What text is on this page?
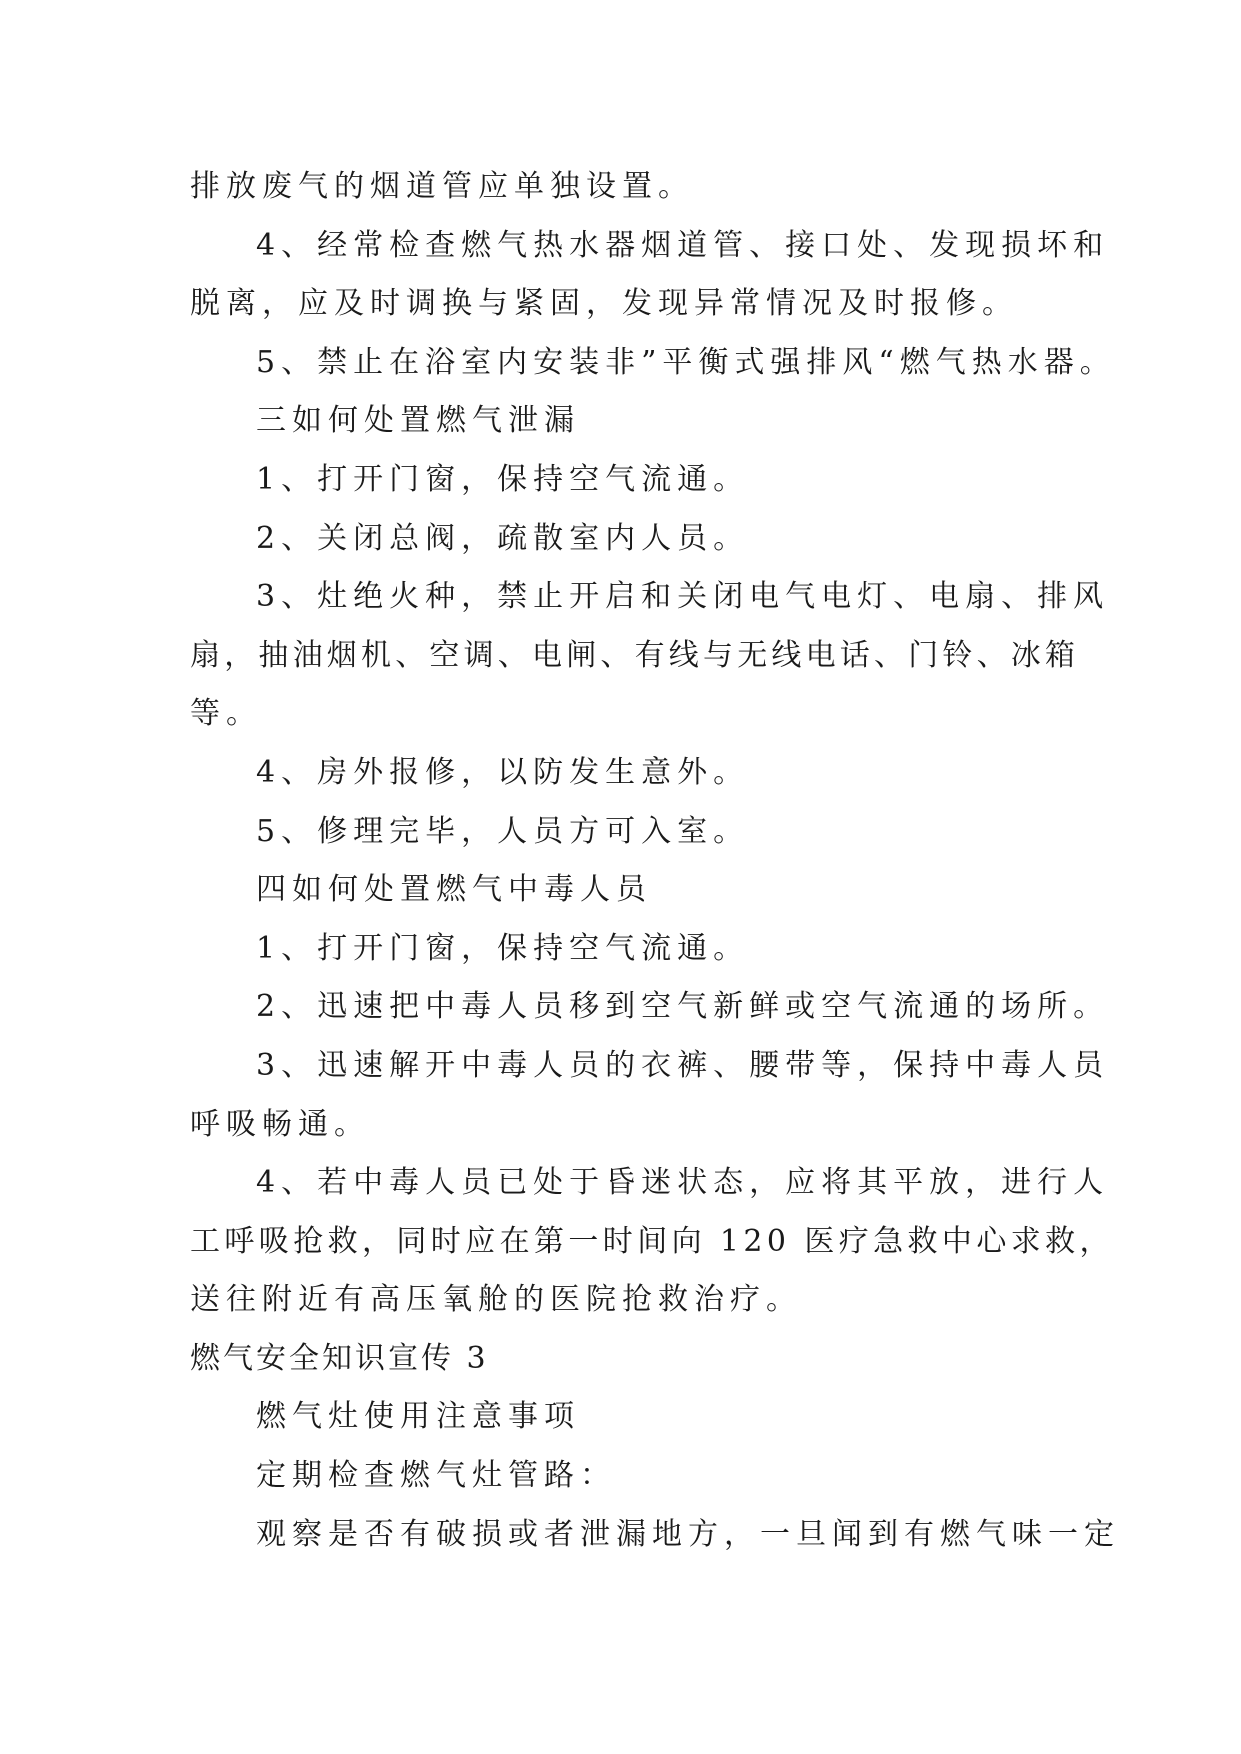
排放废气的烟道管应单独设置。
4、经常检查燃气热水器烟道管、接口处、发现损坏和
脱离，应及时调换与紧固，发现异常情况及时报修。
5、禁止在浴室内安装非”平衡式强排风“燃气热水器。
三如何处置燃气泄漏
1、打开门窗，保持空气流通。
2、关闭总阀，疏散室内人员。
3、灶绝火种，禁止开启和关闭电气电灯、电扇、排风
扇，抽油烟机、空调、电闸、有线与无线电话、门铃、冰箱
等。
4、房外报修，以防发生意外。
5、修理完毕，人员方可入室。
四如何处置燃气中毒人员
1、打开门窗，保持空气流通。
2、迅速把中毒人员移到空气新鲜或空气流通的场所。
3、迅速解开中毒人员的衣裤、腰带等，保持中毒人员
呼吸畅通。
4、若中毒人员已处于昏迷状态，应将其平放，进行人
工呼吸抢救，同时应在第一时间向 120 医疗急救中心求救，
送往附近有高压氧舱的医院抢救治疗。
燃气安全知识宣传 3
燃气灶使用注意事项
定期检查燃气灶管路：
观察是否有破损或者泄漏地方，一旦闻到有燃气味一定
